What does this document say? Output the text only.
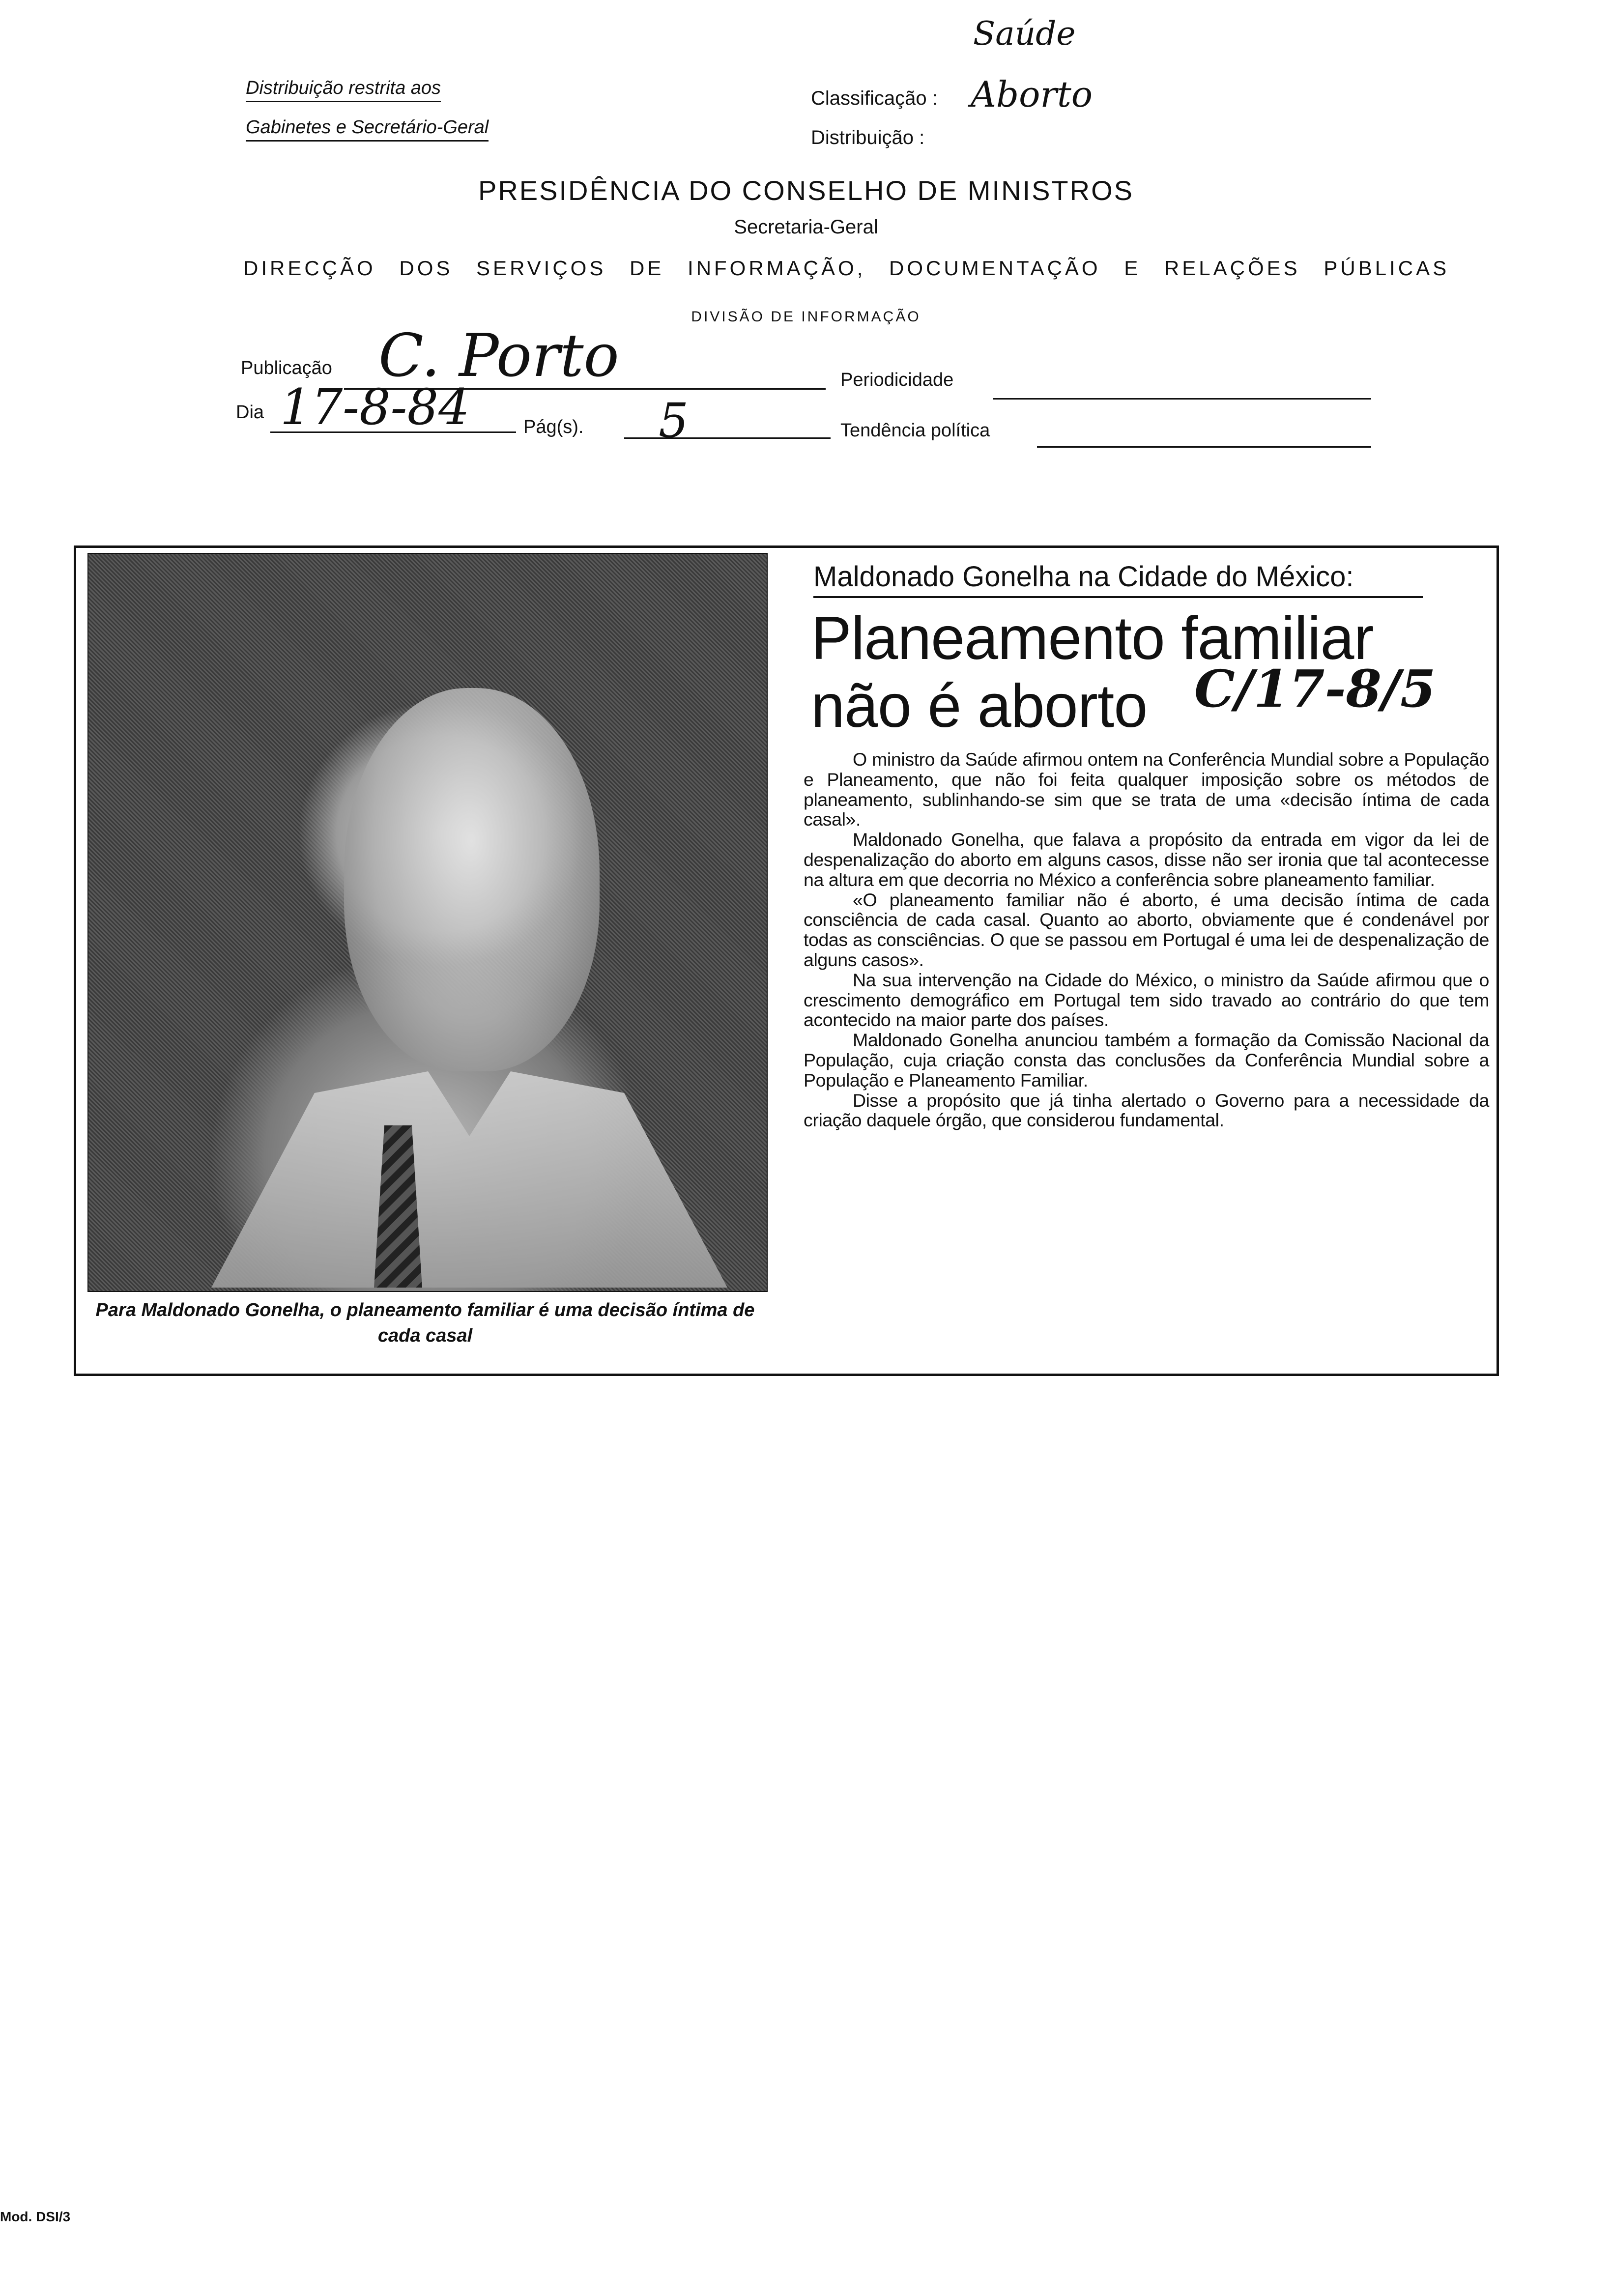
Distribuição restrita aos
Gabinetes e Secretário-Geral
Saúde
Classificação : Aborto
Distribuição :
PRESIDÊNCIA DO CONSELHO DE MINISTROS
Secretaria-Geral
DIRECÇÃO DOS SERVIÇOS DE INFORMAÇÃO, DOCUMENTAÇÃO E RELAÇÕES PÚBLICAS
DIVISÃO DE INFORMAÇÃO
Publicação C. Porto	Periodicidade
Dia 17-8-84	Pág(s). 5	Tendência política
Para Maldonado Gonelha, o planeamento familiar é uma decisão íntima de cada casal
Maldonado Gonelha na Cidade do México:
Planeamento familiar
não é aborto C/17-8/5

O ministro da Saúde afirmou ontem na Conferência Mundial sobre a População e Planeamento, que não foi feita qualquer imposição sobre os métodos de planeamento, sublinhando-se sim que se trata de uma «decisão íntima de cada casal».

Maldonado Gonelha, que falava a propósito da entrada em vigor da lei de despenalização do aborto em alguns casos, disse não ser ironia que tal acontecesse na altura em que decorria no México a conferência sobre planeamento familiar.

«O planeamento familiar não é aborto, é uma decisão íntima de cada consciência de cada casal. Quanto ao aborto, obviamente que é condenável por todas as consciências. O que se passou em Portugal é uma lei de despenalização de alguns casos».

Na sua intervenção na Cidade do México, o ministro da Saúde afirmou que o crescimento demográfico em Portugal tem sido travado ao contrário do que tem acontecido na maior parte dos países.

Maldonado Gonelha anunciou também a formação da Comissão Nacional da População, cuja criação consta das conclusões da Conferência Mundial sobre a População e Planeamento Familiar.

Disse a propósito que já tinha alertado o Governo para a necessidade da criação daquele órgão, que considerou fundamental.

Mod. DSI/3
